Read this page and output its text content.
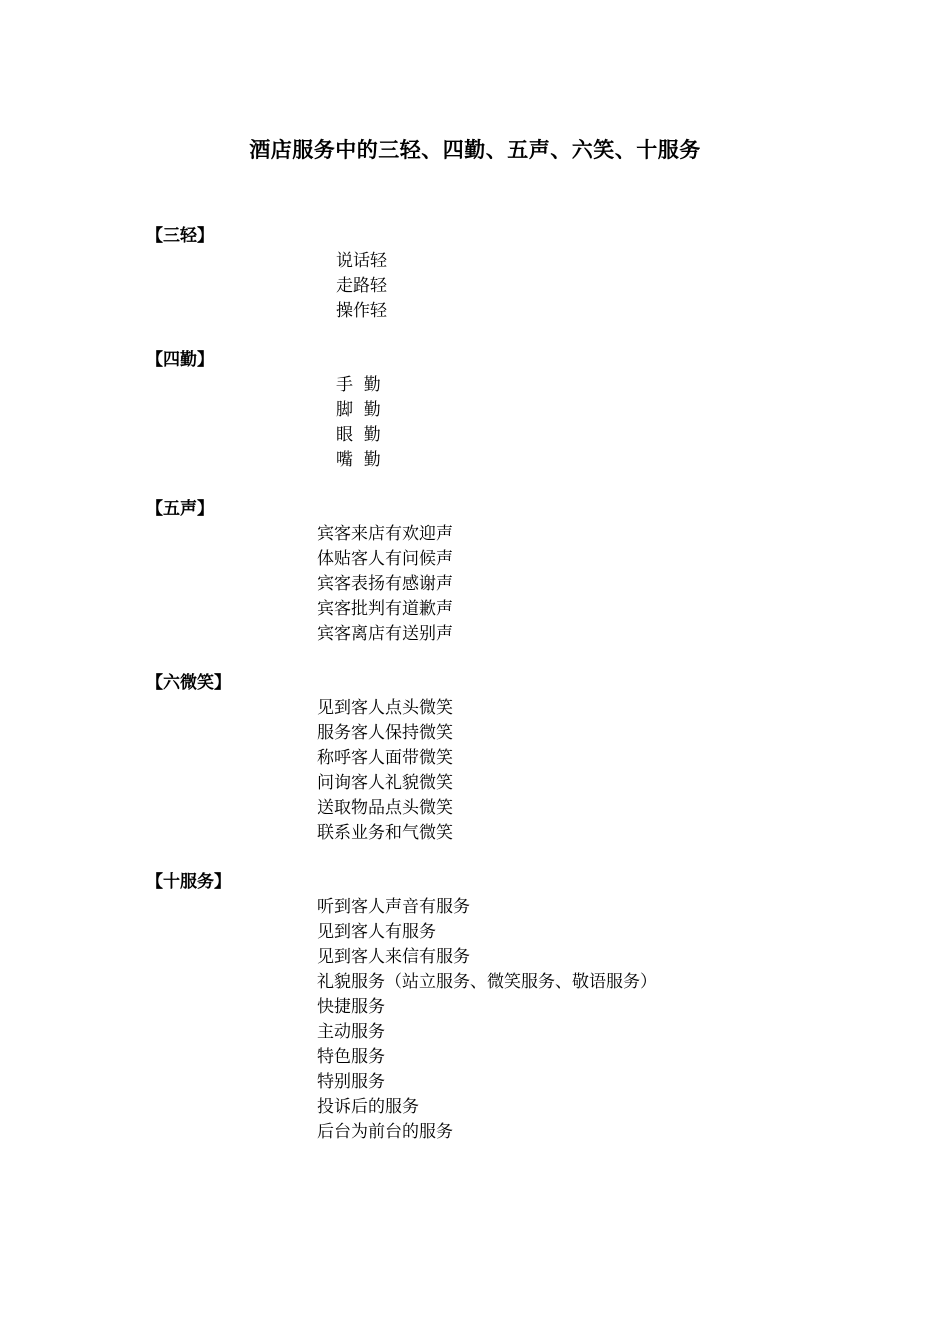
酒店服务中的三轻、四勤、五声、六笑、十服务
【三轻】
说话轻
走路轻
操作轻
【四勤】
手  勤
脚  勤
眼  勤
嘴  勤
【五声】
宾客来店有欢迎声
体贴客人有问候声
宾客表扬有感谢声
宾客批判有道歉声
宾客离店有送别声
【六微笑】
见到客人点头微笑
服务客人保持微笑
称呼客人面带微笑
问询客人礼貌微笑
送取物品点头微笑
联系业务和气微笑
【十服务】
听到客人声音有服务
见到客人有服务
见到客人来信有服务
礼貌服务（站立服务、微笑服务、敬语服务）
快捷服务
主动服务
特色服务
特别服务
投诉后的服务
后台为前台的服务
